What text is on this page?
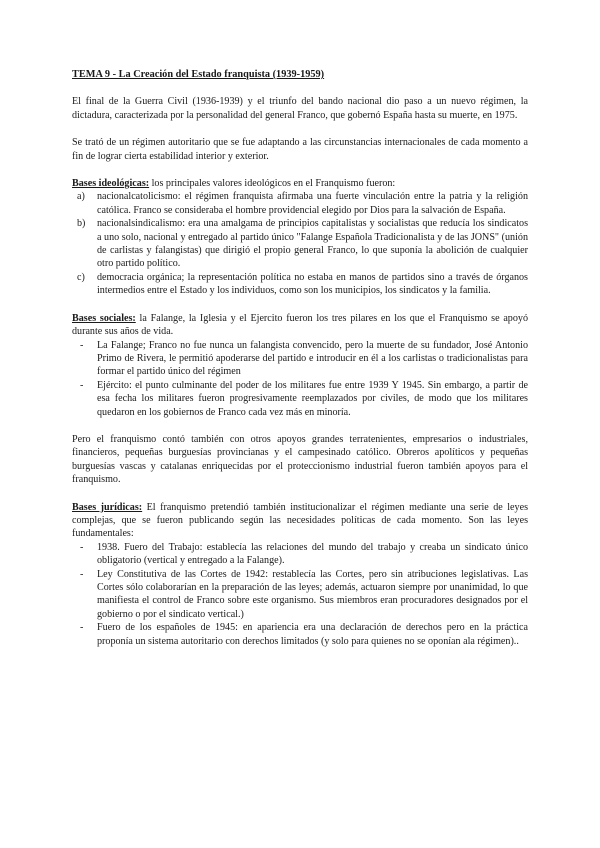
TEMA 9 - La Creación del Estado franquista (1939-1959)

El final de la Guerra Civil (1936-1939) y el triunfo del bando nacional dio paso a un nuevo régimen, la dictadura, caracterizada por la personalidad del general Franco, que gobernó España hasta su muerte, en 1975.

Se trató de un régimen autoritario que se fue adaptando a las circunstancias internacionales de cada momento a fin de lograr cierta estabilidad interior y exterior.

Bases ideológicas: los principales valores ideológicos en el Franquismo fueron:

a) nacionalcatolicismo: el régimen franquista afirmaba una fuerte vinculación entre la patria y la religión católica. Franco se consideraba el hombre providencial elegido por Dios para la salvación de España.
b) nacionalsindicalismo: era una amalgama de principios capitalistas y socialistas que reducía los sindicatos a uno solo, nacional y entregado al partido único "Falange Española Tradicionalista y de las JONS" (unión de carlistas y falangistas) que dirigió el propio general Franco, lo que suponía la abolición de cualquier otro partido político.
c) democracia orgánica; la representación política no estaba en manos de partidos sino a través de órganos intermedios entre el Estado y los individuos, como son los municipios, los sindicatos y la familia.

Bases sociales: la Falange, la Iglesia y el Ejercito fueron los tres pilares en los que el Franquismo se apoyó durante sus años de vida.

- La Falange; Franco no fue nunca un falangista convencido, pero la muerte de su fundador, José Antonio Primo de Rivera, le permitió apoderarse del partido e introducir en él a los carlistas o tradicionalistas para formar el partido único del régimen
- Ejército: el punto culminante del poder de los militares fue entre 1939 Y 1945. Sin embargo, a partir de esa fecha los militares fueron progresivamente reemplazados por civiles, de modo que los militares quedaron en los gobiernos de Franco cada vez más en minoría.

Pero el franquismo contó también con otros apoyos grandes terratenientes, empresarios o industriales, financieros, pequeñas burguesías provincianas y el campesinado católico. Obreros apolíticos y pequeñas burguesías vascas y catalanas enriquecidas por el proteccionismo industrial fueron también apoyos para el franquismo.

Bases jurídicas: El franquismo pretendió también institucionalizar el régimen mediante una serie de leyes complejas, que se fueron publicando según las necesidades políticas de cada momento. Son las leyes fundamentales:

- 1938. Fuero del Trabajo: establecía las relaciones del mundo del trabajo y creaba un sindicato único obligatorio (vertical y entregado a la Falange).
- Ley Constitutiva de las Cortes de 1942: restablecía las Cortes, pero sin atribuciones legislativas. Las Cortes sólo colaborarían en la preparación de las leyes; además, actuaron siempre por unanimidad, lo que manifiesta el control de Franco sobre este organismo. Sus miembros eran procuradores designados por el gobierno o por el sindicato vertical.)
- Fuero de los españoles de 1945: en apariencia era una declaración de derechos pero en la práctica proponía un sistema autoritario con derechos limitados (y solo para quienes no se oponían ala régimen)..
